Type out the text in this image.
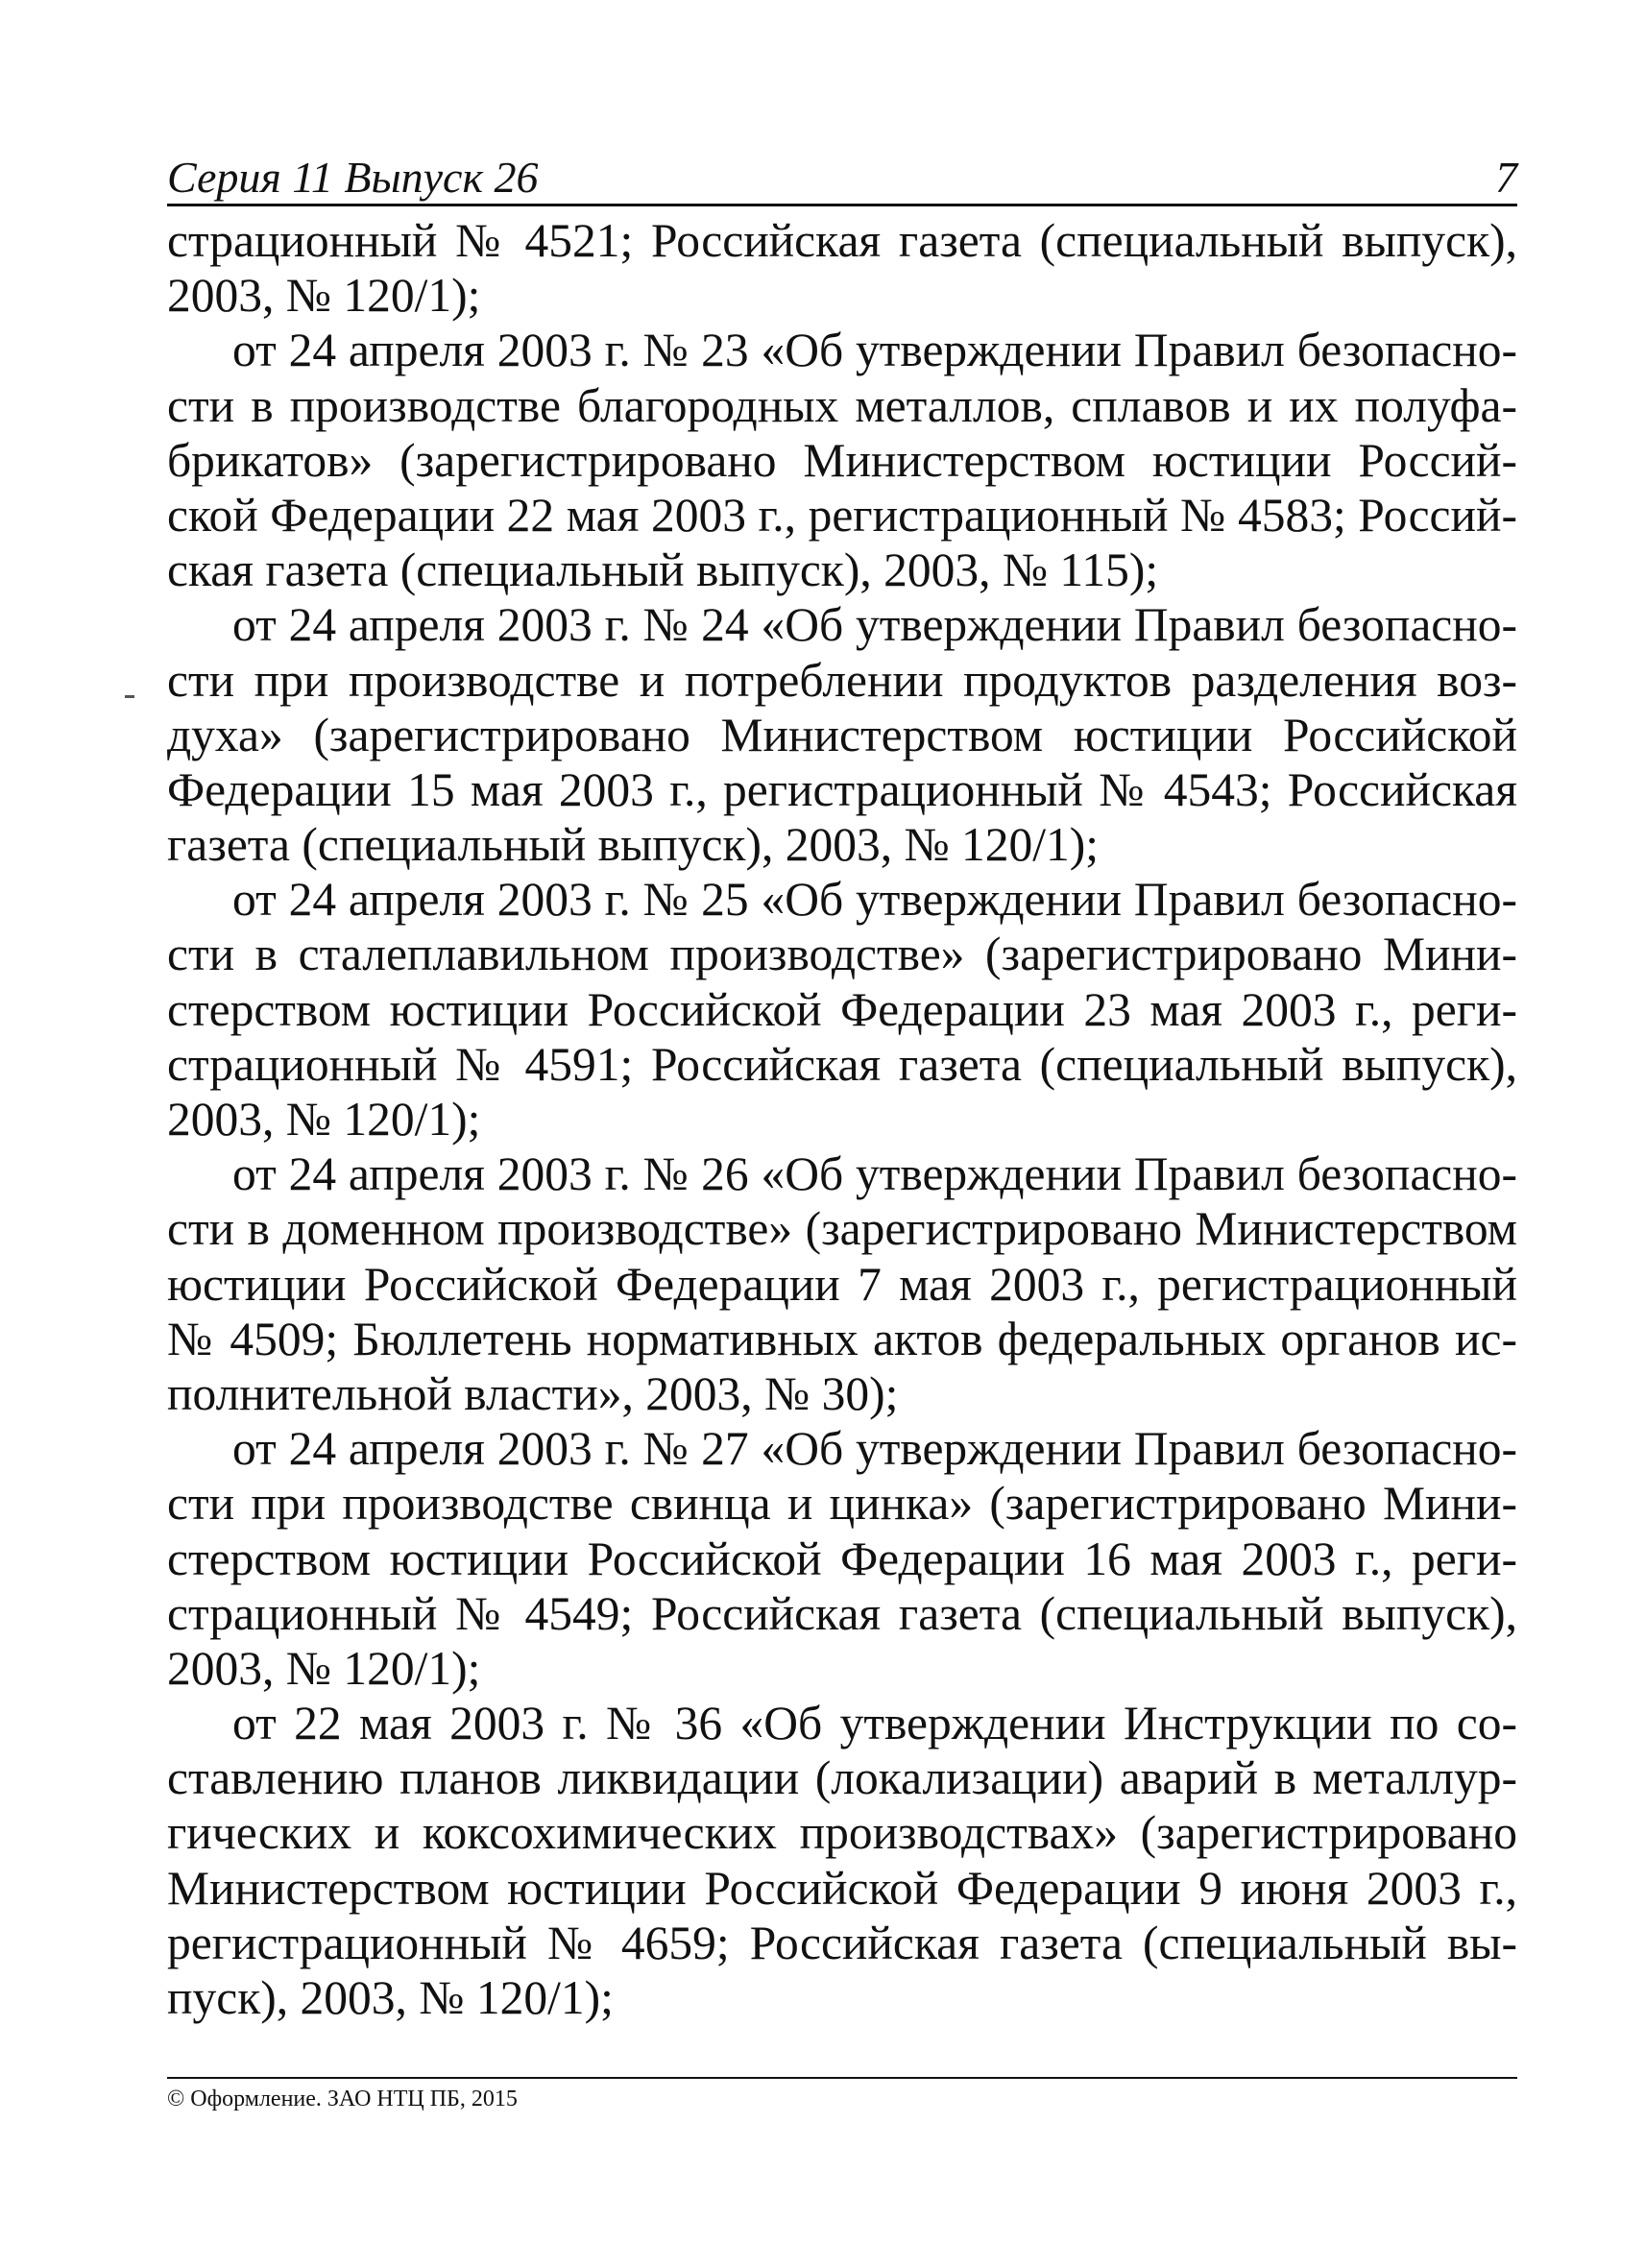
Серия 11 Выпуск 26	7
страционный № 4521; Российская газета (специальный выпуск),
2003, № 120/1);
от 24 апреля 2003 г. № 23 «Об утверждении Правил безопасно-
сти в производстве благородных металлов, сплавов и их полуфа-
брикатов» (зарегистрировано Министерством юстиции Россий-
ской Федерации 22 мая 2003 г., регистрационный № 4583; Россий-
ская газета (специальный выпуск), 2003, № 115);
от 24 апреля 2003 г. № 24 «Об утверждении Правил безопасно-
сти при производстве и потреблении продуктов разделения воз-
духа» (зарегистрировано Министерством юстиции Российской
Федерации 15 мая 2003 г., регистрационный № 4543; Российская
газета (специальный выпуск), 2003, № 120/1);
от 24 апреля 2003 г. № 25 «Об утверждении Правил безопасно-
сти в сталеплавильном производстве» (зарегистрировано Мини-
стерством юстиции Российской Федерации 23 мая 2003 г., реги-
страционный № 4591; Российская газета (специальный выпуск),
2003, № 120/1);
от 24 апреля 2003 г. № 26 «Об утверждении Правил безопасно-
сти в доменном производстве» (зарегистрировано Министерством
юстиции Российской Федерации 7 мая 2003 г., регистрационный
№ 4509; Бюллетень нормативных актов федеральных органов ис-
полнительной власти», 2003, № 30);
от 24 апреля 2003 г. № 27 «Об утверждении Правил безопасно-
сти при производстве свинца и цинка» (зарегистрировано Мини-
стерством юстиции Российской Федерации 16 мая 2003 г., реги-
страционный № 4549; Российская газета (специальный выпуск),
2003, № 120/1);
от 22 мая 2003 г. № 36 «Об утверждении Инструкции по со-
ставлению планов ликвидации (локализации) аварий в металлур-
гических и коксохимических производствах» (зарегистрировано
Министерством юстиции Российской Федерации 9 июня 2003 г.,
регистрационный № 4659; Российская газета (специальный вы-
пуск), 2003, № 120/1);
© Оформление. ЗАО НТЦ ПБ, 2015
